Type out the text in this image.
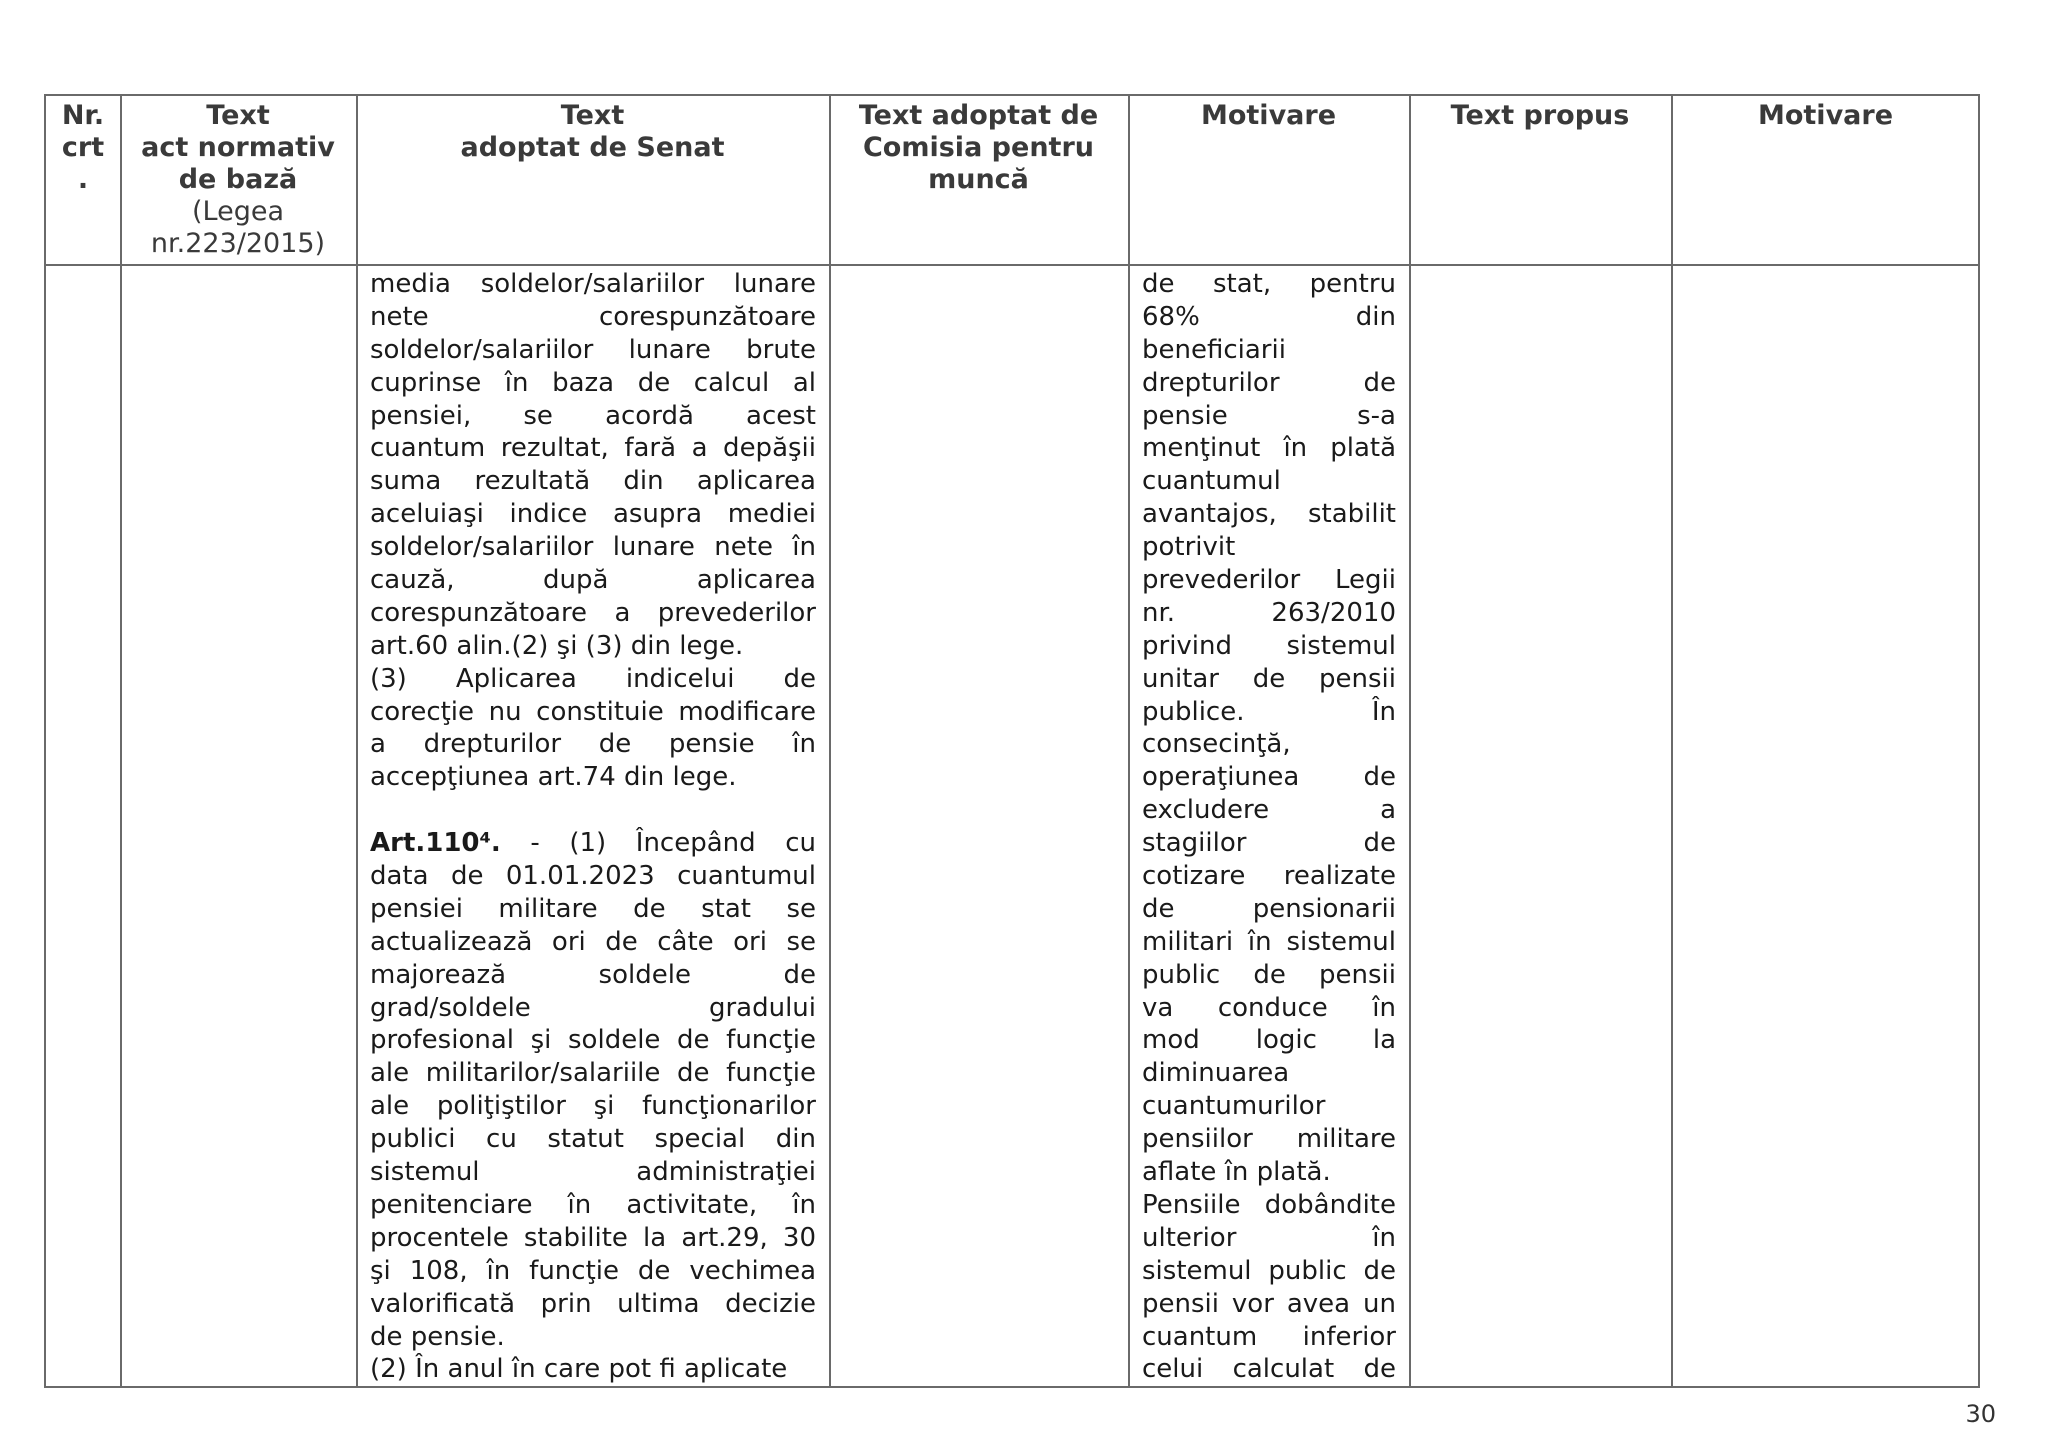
Nr.
crt
.
Text
act normativ
de bază
(Legea
nr.223/2015)
Text
adoptat de Senat
Text adoptat de
Comisia pentru
muncă
Motivare	Text propus	Motivare
media soldelor/salariilor lunare
nete corespunzătoare
soldelor/salariilor lunare brute
cuprinse în baza de calcul al
pensiei, se acordă acest
cuantum rezultat, fară a depăşii
suma rezultată din aplicarea
aceluiaşi indice asupra mediei
soldelor/salariilor lunare nete în
cauză, după aplicarea
corespunzătoare a prevederilor
art.60 alin.(2) şi (3) din lege.
(3) Aplicarea indicelui de
corecţie nu constituie modificare
a drepturilor de pensie în
accepţiunea art.74 din lege.
Art.110⁴. - (1) Începând cu
data de 01.01.2023 cuantumul
pensiei militare de stat se
actualizează ori de câte ori se
majorează soldele de
grad/soldele gradului
profesional şi soldele de funcţie
ale militarilor/salariile de funcţie
ale poliţiştilor şi funcţionarilor
publici cu statut special din
sistemul administraţiei
penitenciare în activitate, în
procentele stabilite la art.29, 30
şi 108, în funcţie de vechimea
valorificată prin ultima decizie
de pensie.
(2) În anul în care pot fi aplicate
de stat, pentru
68% din
beneficiarii
drepturilor de
pensie s-a
menţinut în plată
cuantumul
avantajos, stabilit
potrivit
prevederilor Legii
nr. 263/2010
privind sistemul
unitar de pensii
publice. În
consecinţă,
operaţiunea de
excludere a
stagiilor de
cotizare realizate
de pensionarii
militari în sistemul
public de pensii
va conduce în
mod logic la
diminuarea
cuantumurilor
pensiilor militare
aflate în plată.
Pensiile dobândite
ulterior în
sistemul public de
pensii vor avea un
cuantum inferior
celui calculat de
30
